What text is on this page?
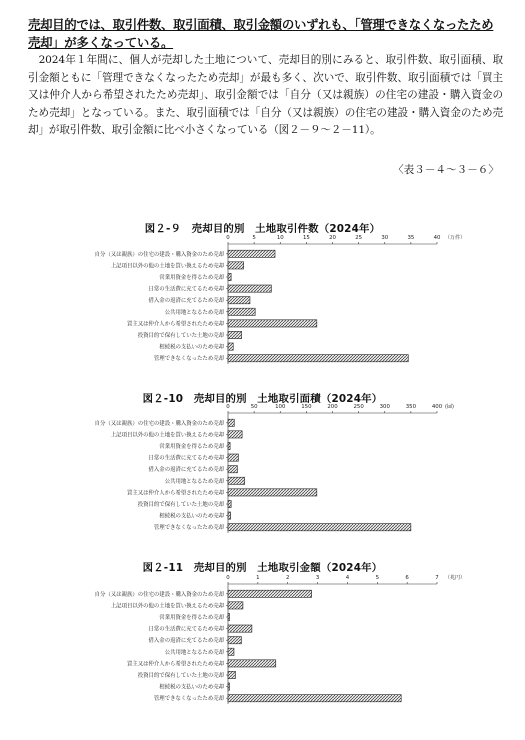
売却目的では、取引件数、取引面積、取引金額のいずれも、「管理できなくなったため売却」が多くなっている。
2024年１年間に、個人が売却した土地について、売却目的別にみると、取引件数、取引面積、取引金額ともに「管理できなくなったため売却」が最も多く、次いで、取引件数、取引面積では「買主又は仲介人から希望されたため売却」、取引金額では「自分（又は親族）の住宅の建設・購入資金のため売却」となっている。また、取引面積では「自分（又は親族）の住宅の建設・購入資金のため売却」が取引件数、取引金額に比べ小さくなっている（図２－９～２－11）。
〈表３－４～３－６〉
図２-９　売却目的別　土地取引件数（2024年）
0	5	10	15	20	25	30	35	40 （万件）
自分（又は親族）の住宅の建設・購入資金のため売却
上記項目以外の他の土地を買い換えるため売却
営業用資金を得るため売却
日常の生活費に充てるため売却
借入金の返済に充てるため売却
公共用地となるため売却
買主又は仲介人から希望されたため売却
投資目的で保有していた土地の売却
相続税の支払いのため売却
管理できなくなったため売却
図２-10　売却目的別　土地取引面積（2024年）
0	50	100	150	200	250	300	350	400 (㎢)
自分（又は親族）の住宅の建設・購入資金のため売却
上記項目以外の他の土地を買い換えるため売却
営業用資金を得るため売却
日常の生活費に充てるため売却
借入金の返済に充てるため売却
公共用地となるため売却
買主又は仲介人から希望されたため売却
投資目的で保有していた土地の売却
相続税の支払いのため売却
管理できなくなったため売却
図２-11　売却目的別　土地取引金額（2024年）
0	1	2	3	4	5	6	7 （兆円）
自分（又は親族）の住宅の建設・購入資金のため売却
上記項目以外の他の土地を買い換えるため売却
営業用資金を得るため売却
日常の生活費に充てるため売却
借入金の返済に充てるため売却
公共用地となるため売却
買主又は仲介人から希望されたため売却
投資目的で保有していた土地の売却
相続税の支払いのため売却
管理できなくなったため売却
